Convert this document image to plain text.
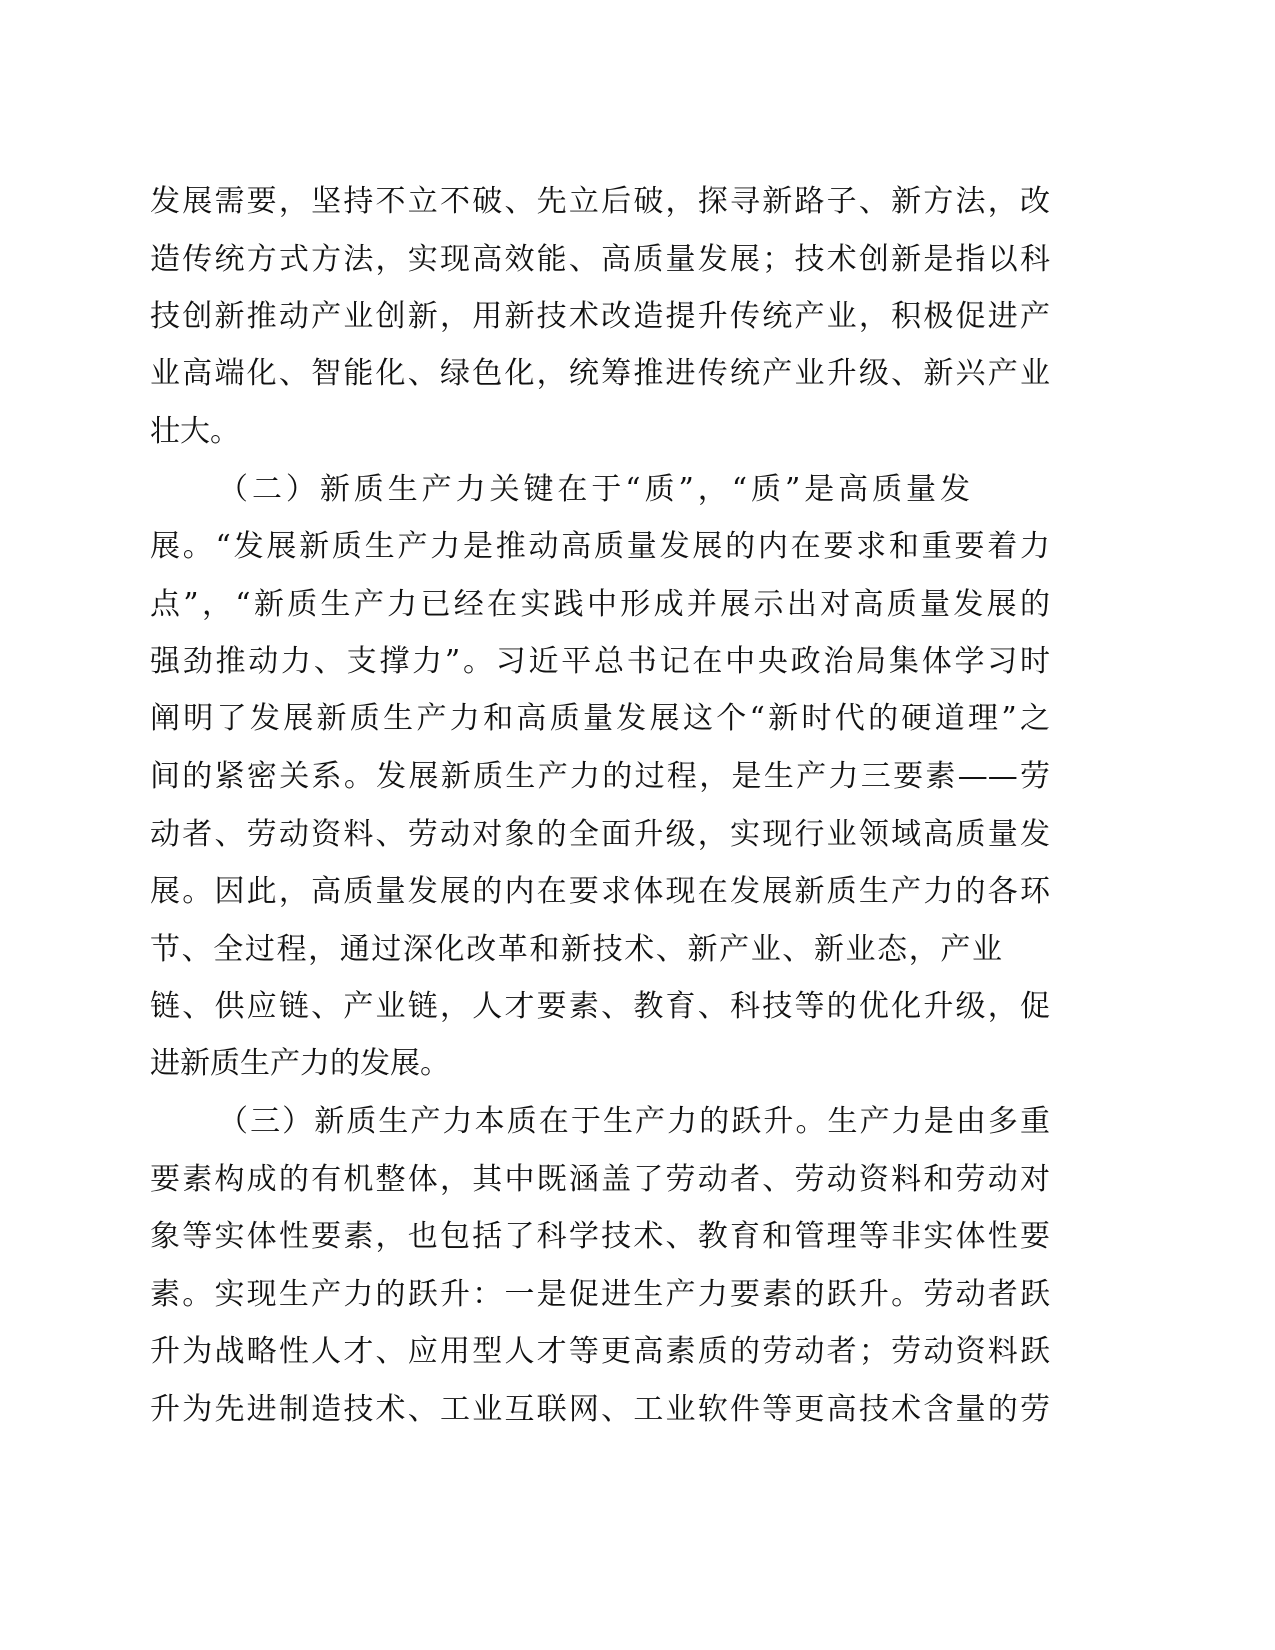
发展需要，坚持不立不破、先立后破，探寻新路子、新方法，改
造传统方式方法，实现高效能、高质量发展；技术创新是指以科
技创新推动产业创新，用新技术改造提升传统产业，积极促进产
业高端化、智能化、绿色化，统筹推进传统产业升级、新兴产业
壮大。
（二）新质生产力关键在于“质”，“质”是高质量发
展。“发展新质生产力是推动高质量发展的内在要求和重要着力
点”，“新质生产力已经在实践中形成并展示出对高质量发展的
强劲推动力、支撑力”。习近平总书记在中央政治局集体学习时
阐明了发展新质生产力和高质量发展这个“新时代的硬道理”之
间的紧密关系。发展新质生产力的过程，是生产力三要素——劳
动者、劳动资料、劳动对象的全面升级，实现行业领域高质量发
展。因此，高质量发展的内在要求体现在发展新质生产力的各环
节、全过程，通过深化改革和新技术、新产业、新业态，产业
链、供应链、产业链，人才要素、教育、科技等的优化升级，促
进新质生产力的发展。
（三）新质生产力本质在于生产力的跃升。生产力是由多重
要素构成的有机整体，其中既涵盖了劳动者、劳动资料和劳动对
象等实体性要素，也包括了科学技术、教育和管理等非实体性要
素。实现生产力的跃升：一是促进生产力要素的跃升。劳动者跃
升为战略性人才、应用型人才等更高素质的劳动者；劳动资料跃
升为先进制造技术、工业互联网、工业软件等更高技术含量的劳
